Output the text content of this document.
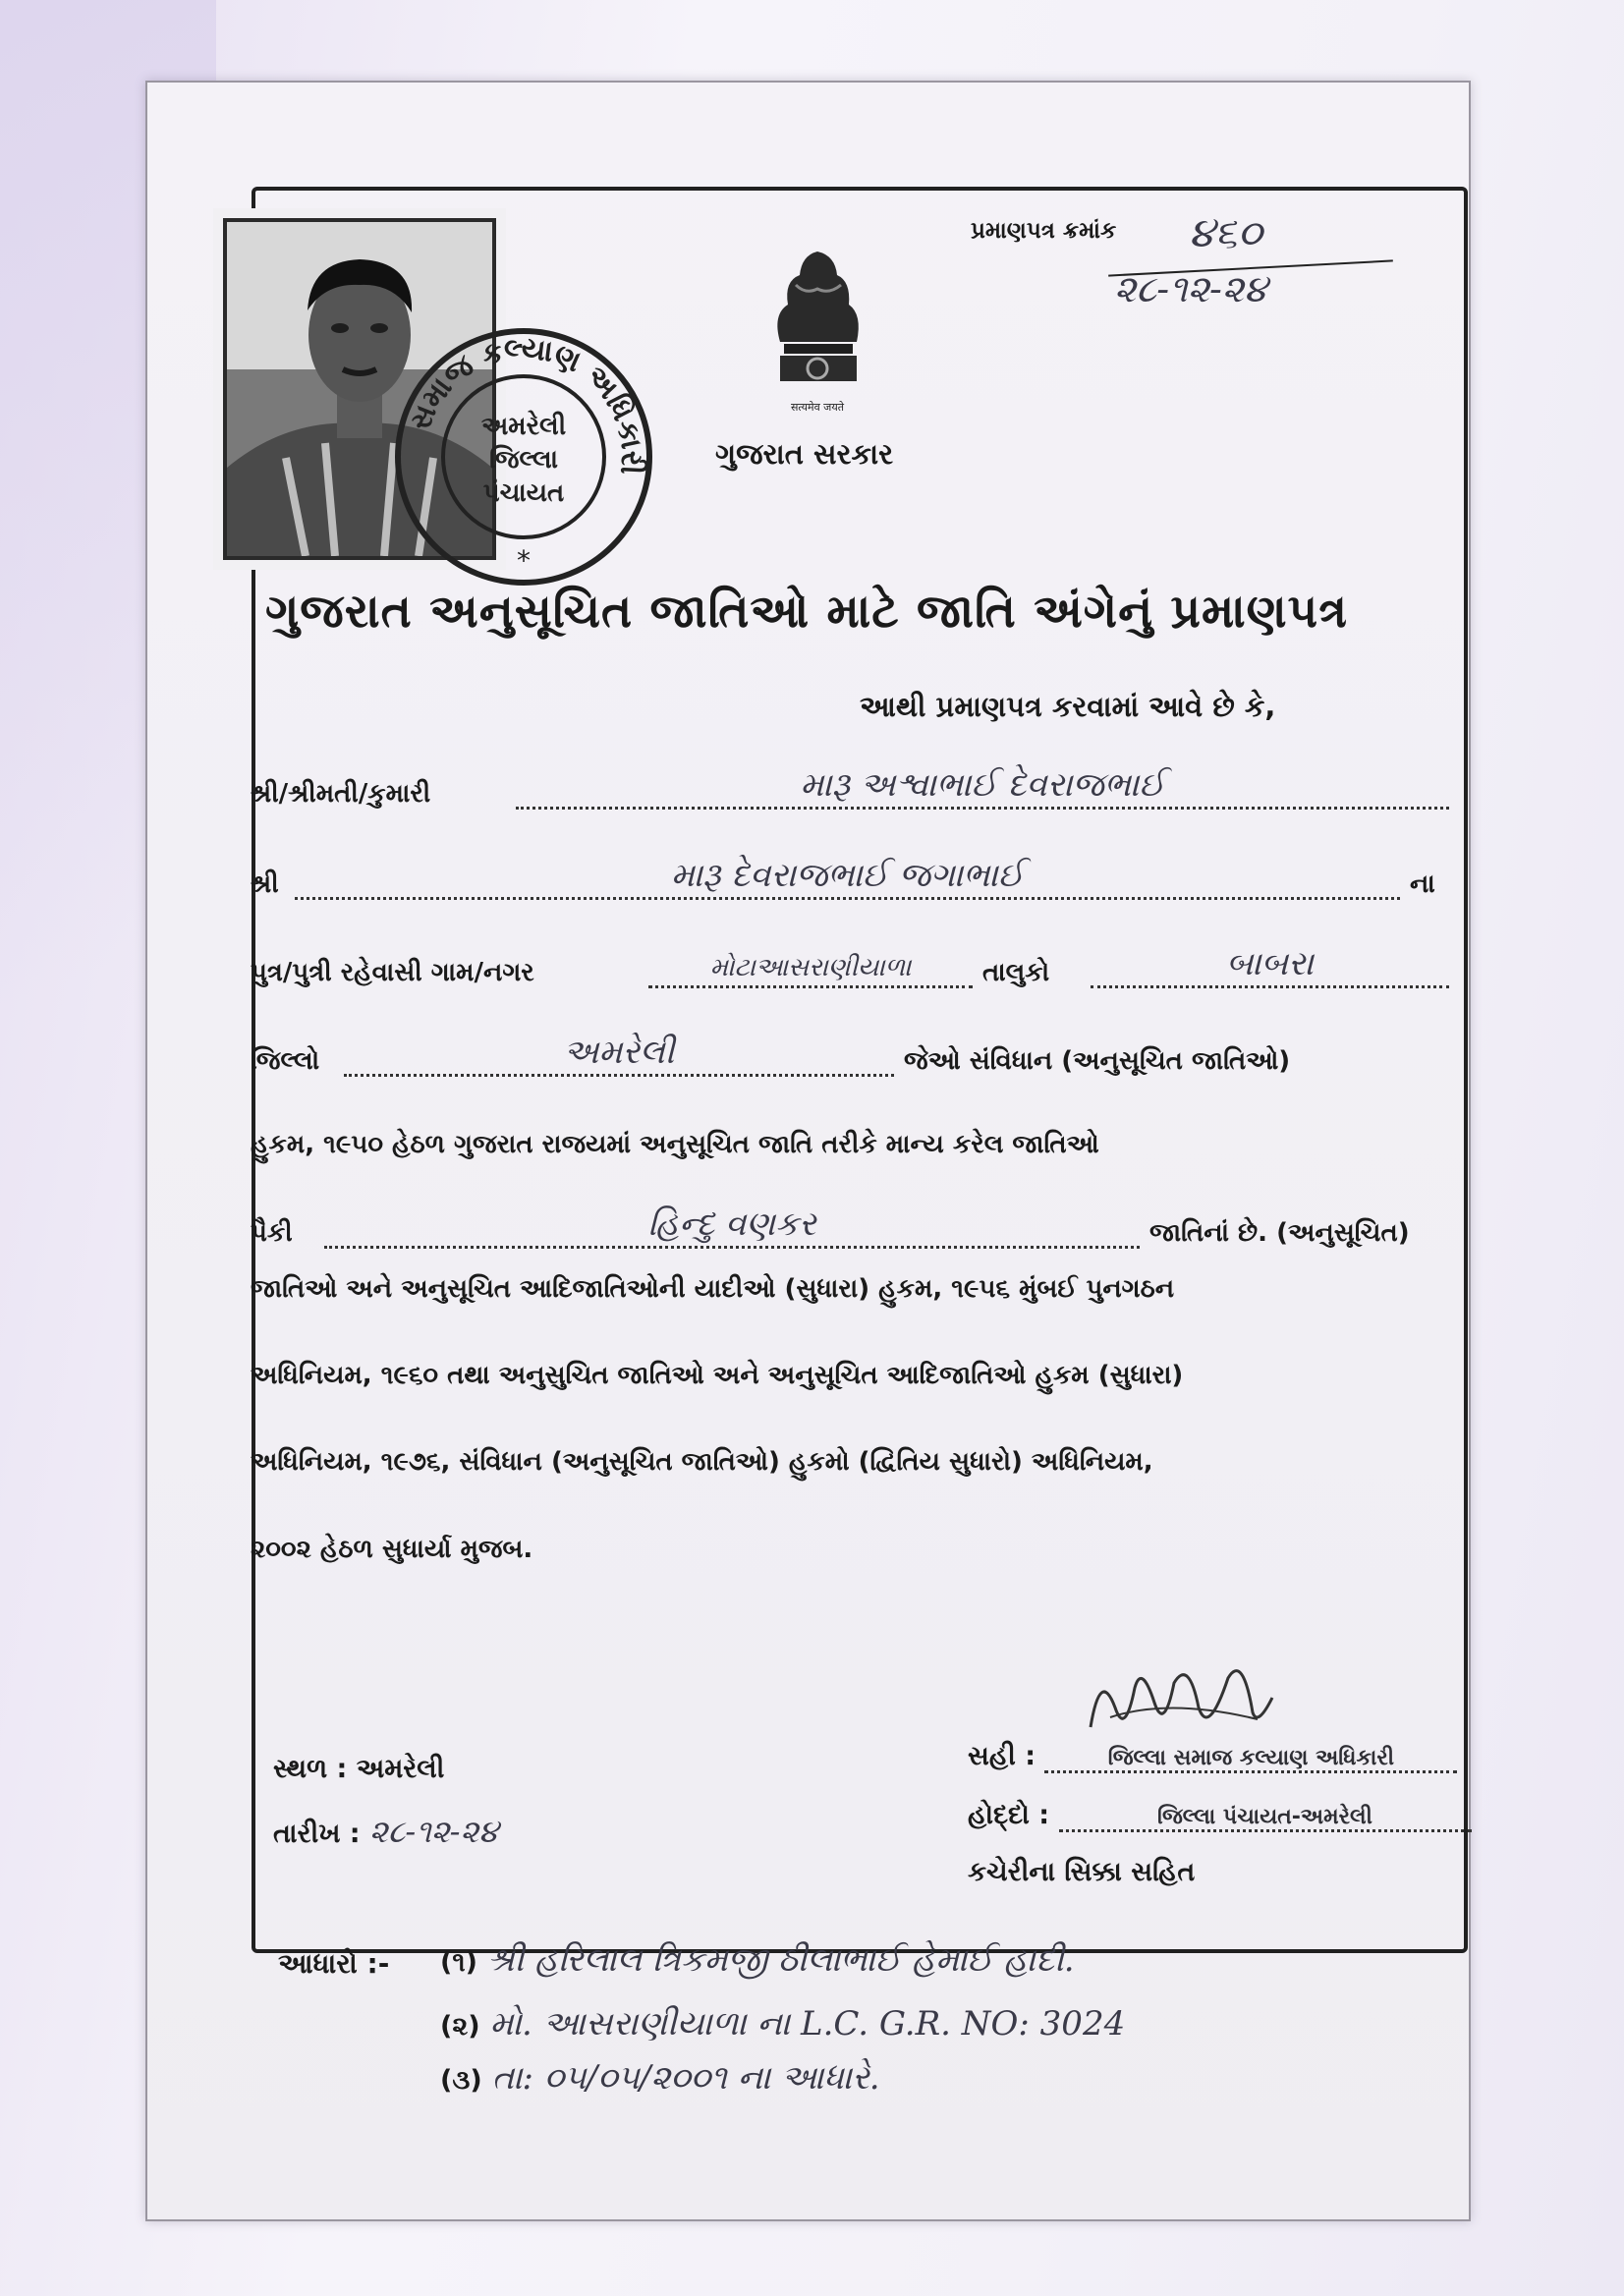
સમાજ કલ્યાણ અધિકારી
અમરેલી
જિલ્લા
પંચાયત
*
सत्यमेव जयते
ગુજરાત સરકાર
પ્રમાણપત્ર ક્રમાંક ૪૬૦
૨૮-૧૨-૨૪
ગુજરાત અનુસૂચિત જાતિઓ માટે જાતિ અંગેનું પ્રમાણપત્ર
આથી પ્રમાણપત્ર કરવામાં આવે છે કે,
શ્રી/શ્રીમતી/કુમારી	મારૂ અશ્વાભાઈ દેવરાજભાઈ
શ્રી	મારૂ દેવરાજભાઈ જગાભાઈ	ના
પુત્ર/પુત્રી રહેવાસી ગામ/નગર	મોટાઆસરાણીયાળા	તાલુકો	બાબરા
જિલ્લો	અમરેલી	જેઓ સંવિધાન (અનુસૂચિત જાતિઓ)
હુકમ, ૧૯૫૦ હેઠળ ગુજરાત રાજયમાં અનુસૂચિત જાતિ તરીકે માન્ય કરેલ જાતિઓ
પૈકી	હિન્દુ વણકર	જાતિનાં છે. (અનુસૂચિત)
જાતિઓ અને અનુસૂચિત આદિજાતિઓની યાદીઓ (સુધારા) હુકમ, ૧૯૫૬ મુંબઈ પુનગઠન
અધિનિયમ, ૧૯૬૦ તથા અનુસુચિત જાતિઓ અને અનુસૂચિત આદિજાતિઓ હુકમ (સુધારા)
અધિનિયમ, ૧૯૭૬, સંવિધાન (અનુસૂચિત જાતિઓ) હુકમો (દ્વિતિય સુધારો) અધિનિયમ,
૨૦૦૨ હેઠળ સુધાર્યા મુજબ.
સ્થળ : અમરેલી
તારીખ : ૨૮-૧૨-૨૪
સહી :	જિલ્લા સમાજ કલ્યાણ અધિકારી
હોદ્દો :	જિલ્લા પંચાયત-અમરેલી
કચેરીના સિક્કા સહિત
આધારો :- (૧) શ્રી હરિલાલ ત્રિકમજી ઠીલાભાઈ હેમાઈ હાદી.
(૨) મો. આસરાણીયાળા ના L.C. G.R. NO: 3024
(૩) તા: ૦૫/૦૫/૨૦૦૧ ના આધારે.
